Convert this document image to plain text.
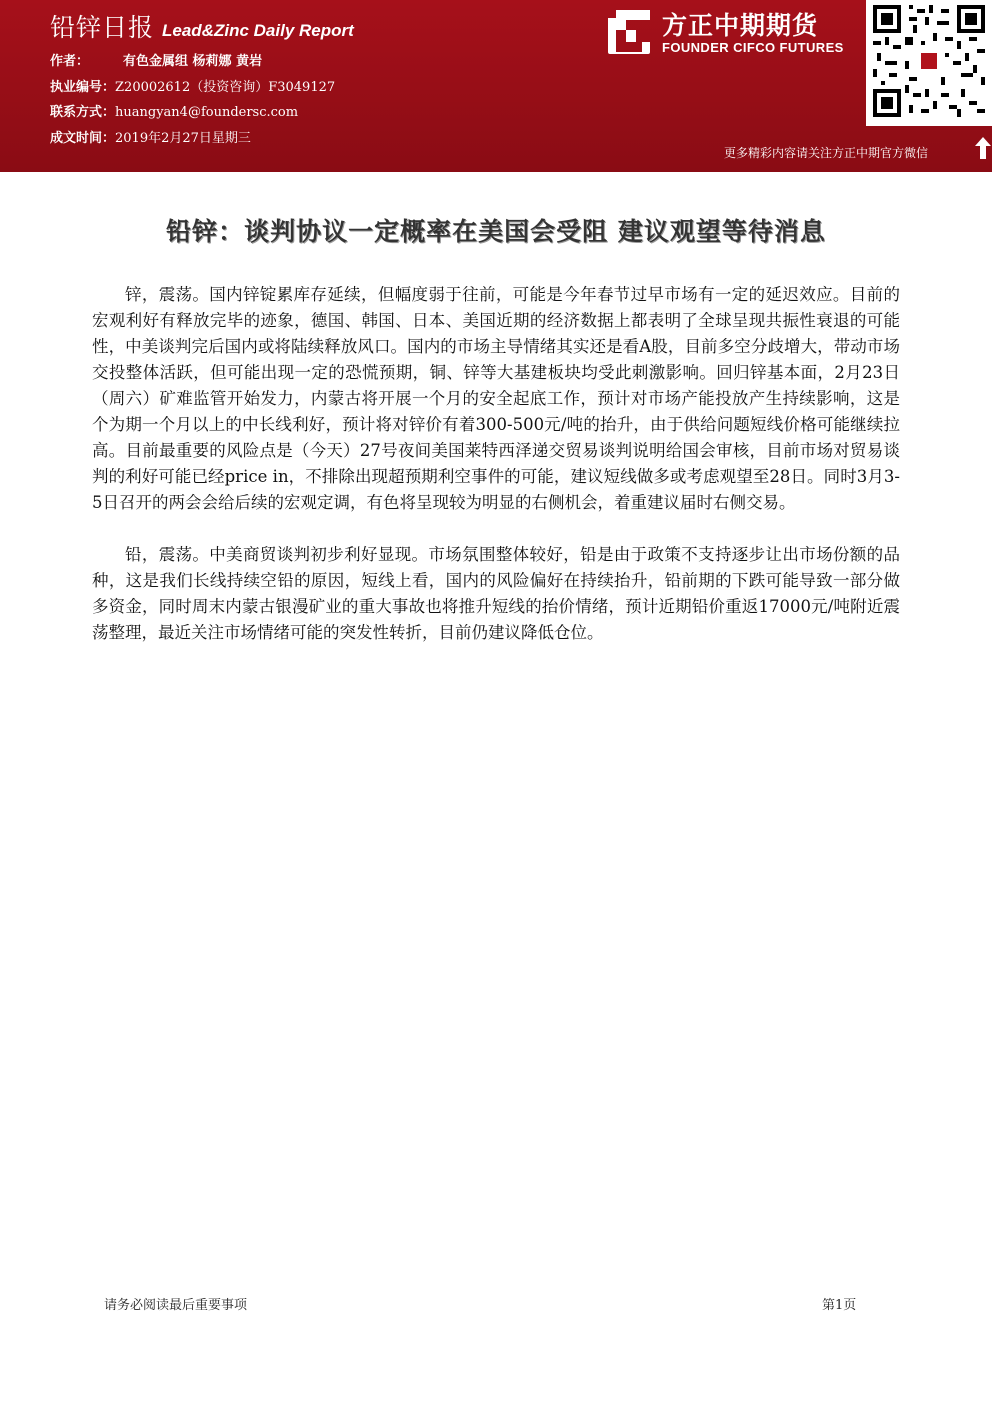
铅锌日报 Lead&Zinc Daily Report
作者：	有色金属组 杨莉娜 黄岩
执业编号：Z20002612（投资咨询）F3049127
联系方式：huangyan4@foundersc.com
成文时间：2019年2月27日星期三
方正中期期货
FOUNDER CIFCO FUTURES
更多精彩内容请关注方正中期官方微信
铅锌：谈判协议一定概率在美国会受阻 建议观望等待消息

锌，震荡。国内锌锭累库存延续，但幅度弱于往前，可能是今年春节过早市场有一定的延迟效应。目前的宏观利好有释放完毕的迹象，德国、韩国、日本、美国近期的经济数据上都表明了全球呈现共振性衰退的可能性，中美谈判完后国内或将陆续释放风口。国内的市场主导情绪其实还是看A股，目前多空分歧增大，带动市场交投整体活跃，但可能出现一定的恐慌预期，铜、锌等大基建板块均受此刺激影响。回归锌基本面，2月23日（周六）矿难监管开始发力，内蒙古将开展一个月的安全起底工作，预计对市场产能投放产生持续影响，这是个为期一个月以上的中长线利好，预计将对锌价有着300-500元/吨的抬升，由于供给问题短线价格可能继续拉高。目前最重要的风险点是（今天）27号夜间美国莱特西泽递交贸易谈判说明给国会审核，目前市场对贸易谈判的利好可能已经price in，不排除出现超预期利空事件的可能，建议短线做多或考虑观望至28日。同时3月3-5日召开的两会会给后续的宏观定调，有色将呈现较为明显的右侧机会，着重建议届时右侧交易。

铅，震荡。中美商贸谈判初步利好显现。市场氛围整体较好，铅是由于政策不支持逐步让出市场份额的品种，这是我们长线持续空铅的原因，短线上看，国内的风险偏好在持续抬升，铅前期的下跌可能导致一部分做多资金，同时周末内蒙古银漫矿业的重大事故也将推升短线的抬价情绪，预计近期铅价重返17000元/吨附近震荡整理，最近关注市场情绪可能的突发性转折，目前仍建议降低仓位。

请务必阅读最后重要事项	第1页
